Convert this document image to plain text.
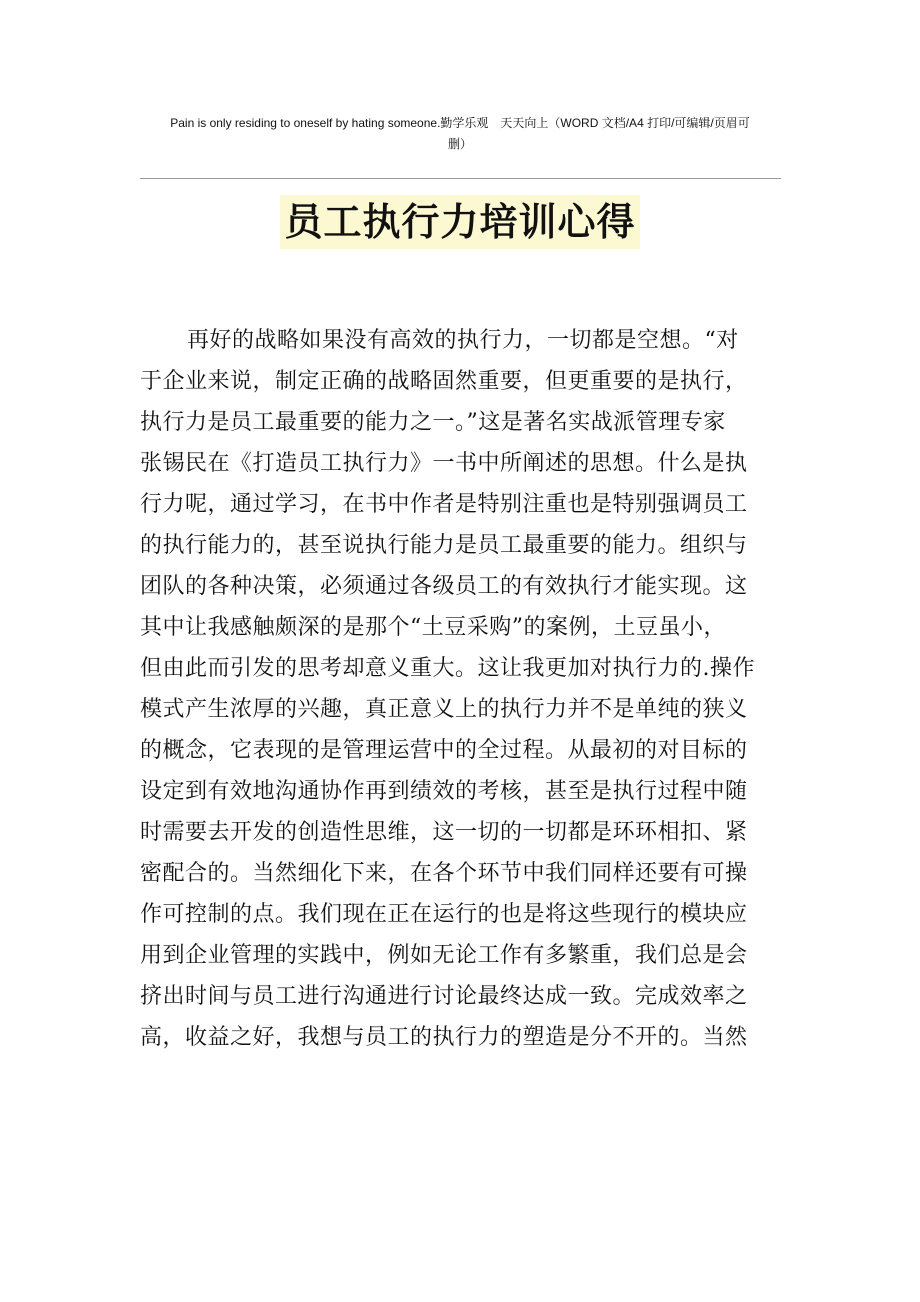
Pain is only residing to oneself by hating someone.勤学乐观　天天向上（WORD 文档/A4 打印/可编辑/页眉可
删）
员工执行力培训心得
再好的战略如果没有高效的执行力，一切都是空想。“对
于企业来说，制定正确的战略固然重要，但更重要的是执行，
执行力是员工最重要的能力之一。”这是著名实战派管理专家
张锡民在《打造员工执行力》一书中所阐述的思想。什么是执
行力呢，通过学习，在书中作者是特别注重也是特别强调员工
的执行能力的，甚至说执行能力是员工最重要的能力。组织与
团队的各种决策，必须通过各级员工的有效执行才能实现。这
其中让我感触颇深的是那个“土豆采购”的案例，土豆虽小，
但由此而引发的思考却意义重大。这让我更加对执行力的.操作
模式产生浓厚的兴趣，真正意义上的执行力并不是单纯的狭义
的概念，它表现的是管理运营中的全过程。从最初的对目标的
设定到有效地沟通协作再到绩效的考核，甚至是执行过程中随
时需要去开发的创造性思维，这一切的一切都是环环相扣、紧
密配合的。当然细化下来，在各个环节中我们同样还要有可操
作可控制的点。我们现在正在运行的也是将这些现行的模块应
用到企业管理的实践中，例如无论工作有多繁重，我们总是会
挤出时间与员工进行沟通进行讨论最终达成一致。完成效率之
高，收益之好，我想与员工的执行力的塑造是分不开的。当然
